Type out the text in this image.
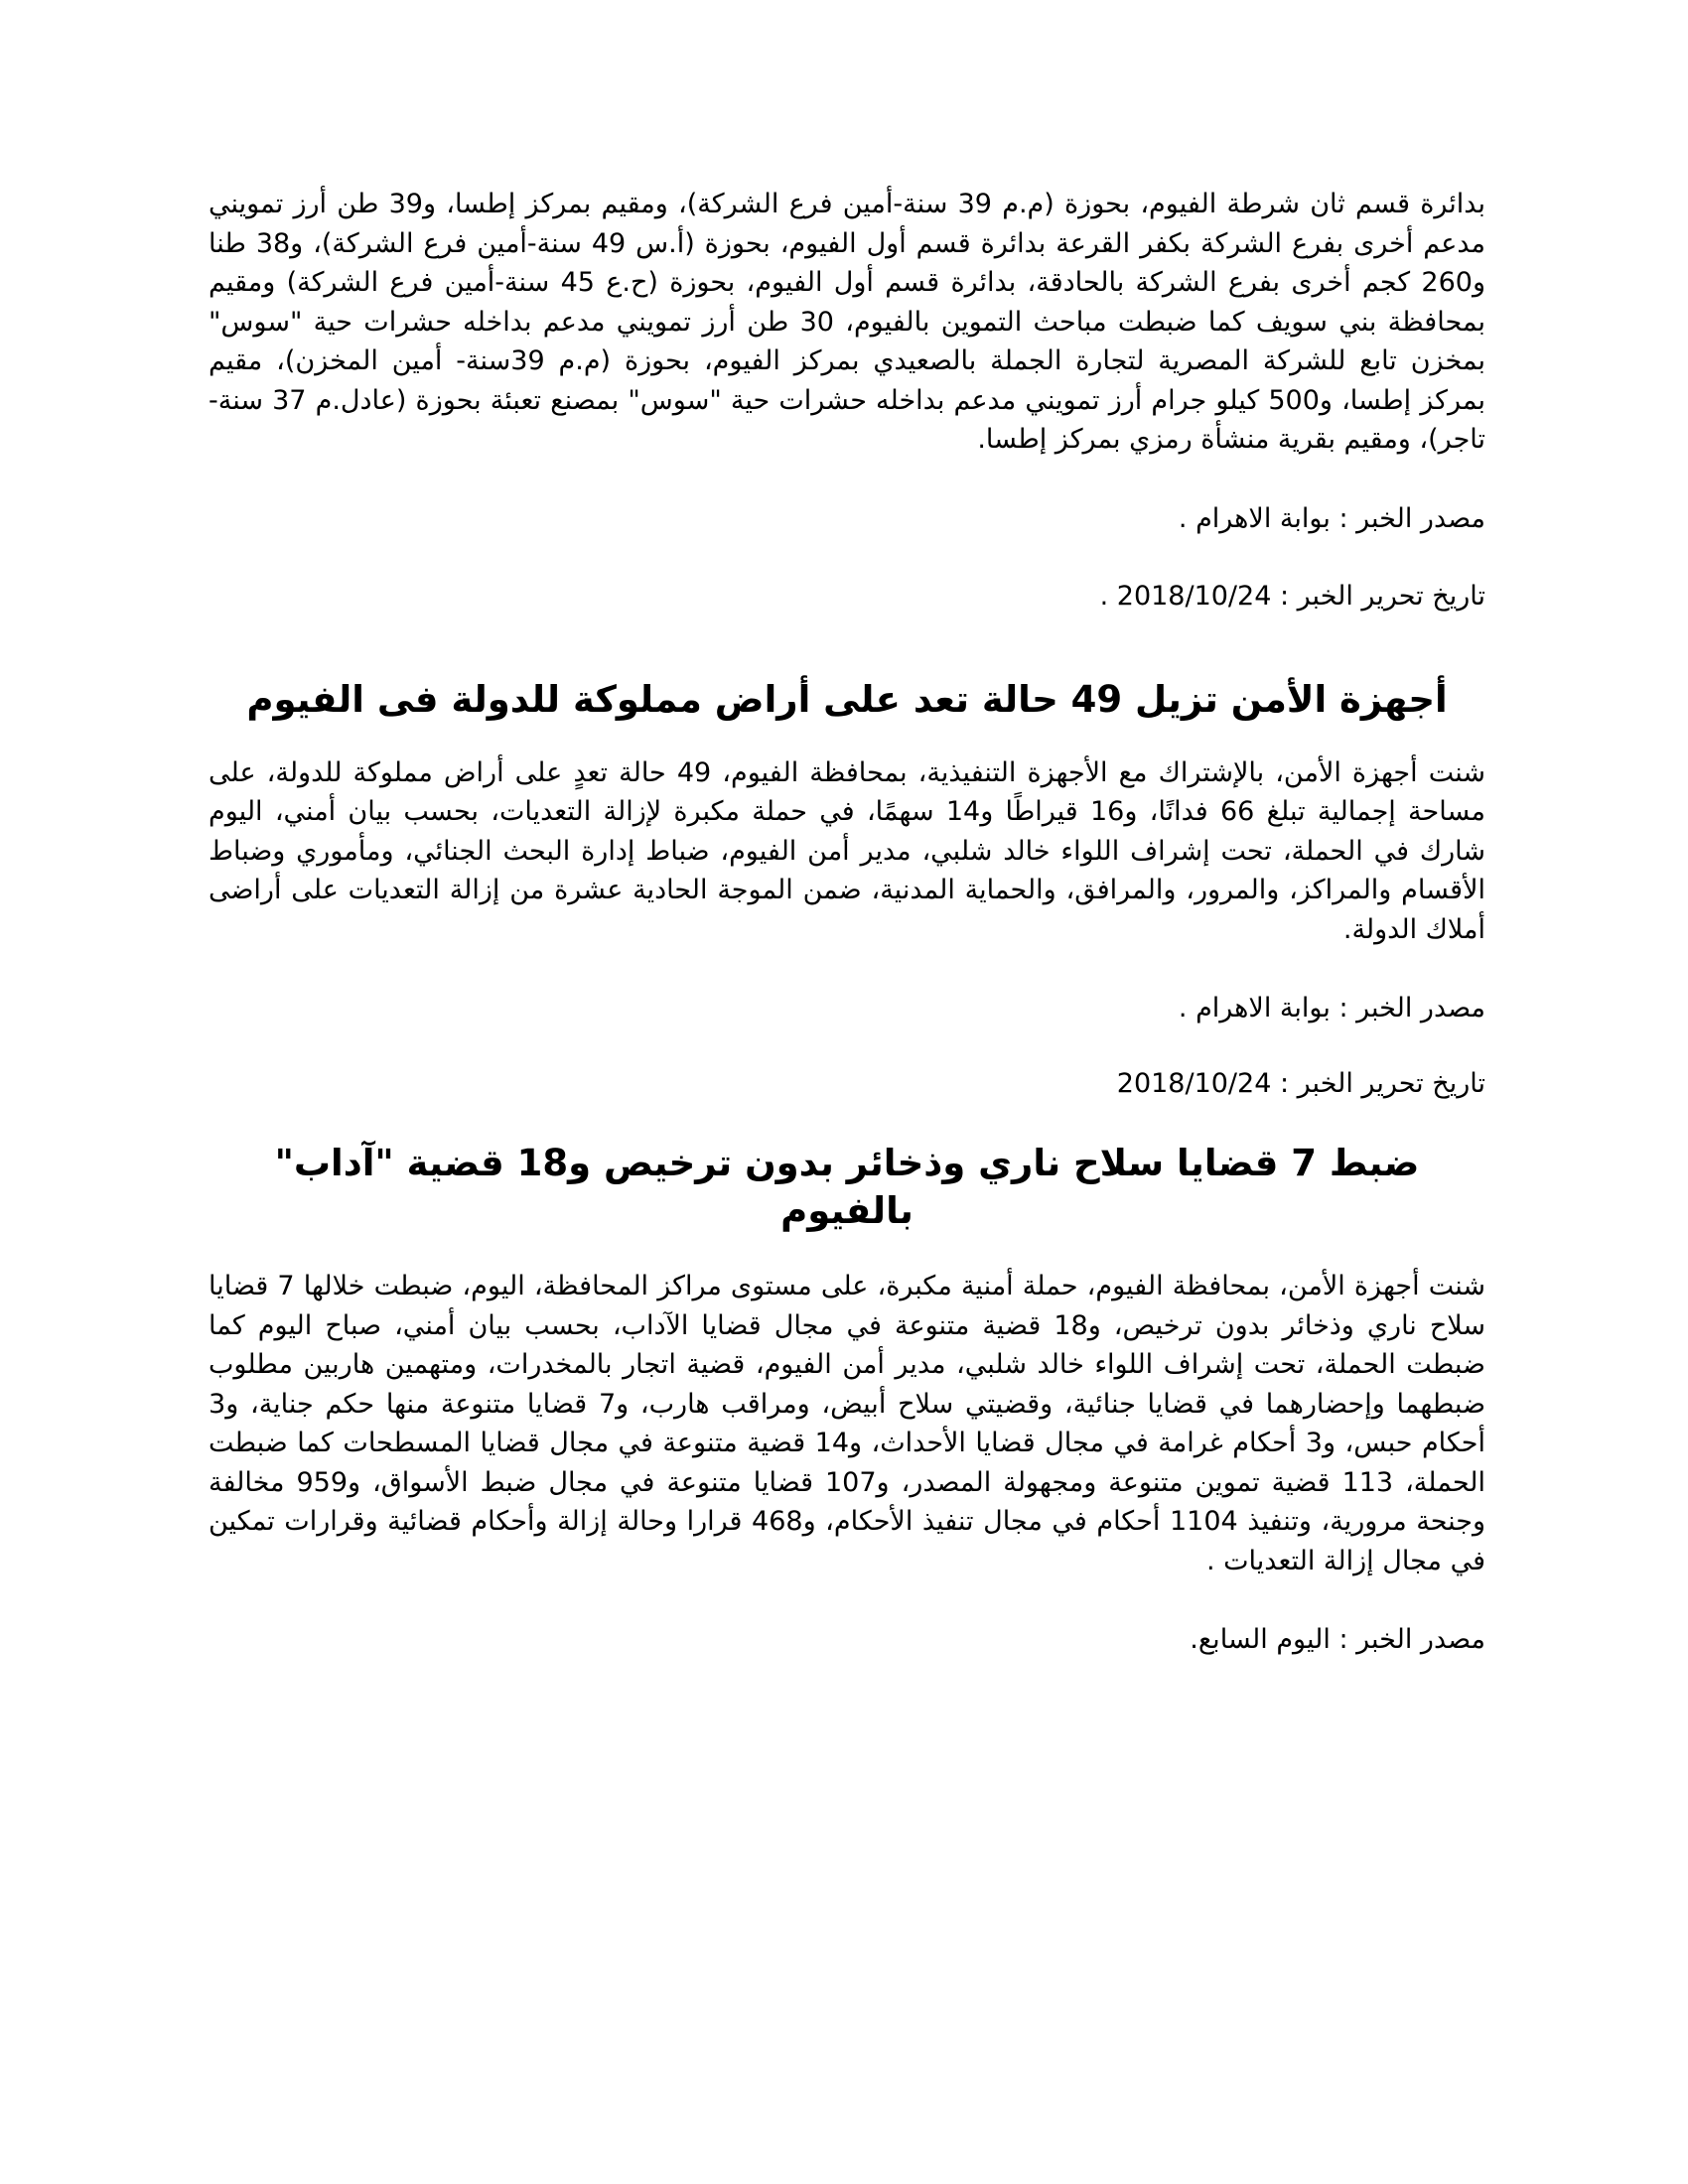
بدائرة قسم ثان شرطة الفيوم، بحوزة (م.م 39 سنة-أمين فرع الشركة)، ومقيم بمركز إطسا، و39 طن أرز تمويني مدعم أخرى بفرع الشركة بكفر القرعة بدائرة قسم أول الفيوم، بحوزة (أ.س 49 سنة-أمين فرع الشركة)، و38 طنا و260 كجم أخرى بفرع الشركة بالحادقة، بدائرة قسم أول الفيوم، بحوزة (ح.ع 45 سنة-أمين فرع الشركة) ومقيم بمحافظة بني سويف كما ضبطت مباحث التموين بالفيوم، 30 طن أرز تمويني مدعم بداخله حشرات حية "سوس" بمخزن تابع للشركة المصرية لتجارة الجملة بالصعيدي بمركز الفيوم، بحوزة (م.م 39سنة- أمين المخزن)، مقيم بمركز إطسا، و500 كيلو جرام أرز تمويني مدعم بداخله حشرات حية "سوس" بمصنع تعبئة بحوزة (عادل.م 37 سنة-تاجر)، ومقيم بقرية منشأة رمزي بمركز إطسا.

مصدر الخبر : بوابة الاهرام .

تاريخ تحرير الخبر : 2018/10/24 .

أجهزة الأمن تزيل 49 حالة تعد على أراض مملوكة للدولة فى الفيوم

شنت أجهزة الأمن، بالإشتراك مع الأجهزة التنفيذية، بمحافظة الفيوم، 49 حالة تعدٍ على أراض مملوكة للدولة، على مساحة إجمالية تبلغ 66 فدانًا، و16 قيراطًا و14 سهمًا، في حملة مكبرة لإزالة التعديات، بحسب بيان أمني، اليوم شارك في الحملة، تحت إشراف اللواء خالد شلبي، مدير أمن الفيوم، ضباط إدارة البحث الجنائي، ومأموري وضباط الأقسام والمراكز، والمرور، والمرافق، والحماية المدنية، ضمن الموجة الحادية عشرة من إزالة التعديات على أراضى أملاك الدولة.

مصدر الخبر : بوابة الاهرام .

تاريخ تحرير الخبر : 2018/10/24

ضبط 7 قضايا سلاح ناري وذخائر بدون ترخيص و18 قضية "آداب" بالفيوم

شنت أجهزة الأمن، بمحافظة الفيوم، حملة أمنية مكبرة، على مستوى مراكز المحافظة، اليوم، ضبطت خلالها 7 قضايا سلاح ناري وذخائر بدون ترخيص، و18 قضية متنوعة في مجال قضايا الآداب، بحسب بيان أمني، صباح اليوم كما ضبطت الحملة، تحت إشراف اللواء خالد شلبي، مدير أمن الفيوم، قضية اتجار بالمخدرات، ومتهمين هاربين مطلوب ضبطهما وإحضارهما في قضايا جنائية، وقضيتي سلاح أبيض، ومراقب هارب، و7 قضايا متنوعة منها حكم جناية، و3 أحكام حبس، و3 أحكام غرامة في مجال قضايا الأحداث، و14 قضية متنوعة في مجال قضايا المسطحات كما ضبطت الحملة، 113 قضية تموين متنوعة ومجهولة المصدر، و107 قضايا متنوعة في مجال ضبط الأسواق، و959 مخالفة وجنحة مرورية، وتنفيذ 1104 أحكام في مجال تنفيذ الأحكام، و468 قرارا وحالة إزالة وأحكام قضائية وقرارات تمكين في مجال إزالة التعديات .

مصدر الخبر : اليوم السابع.
